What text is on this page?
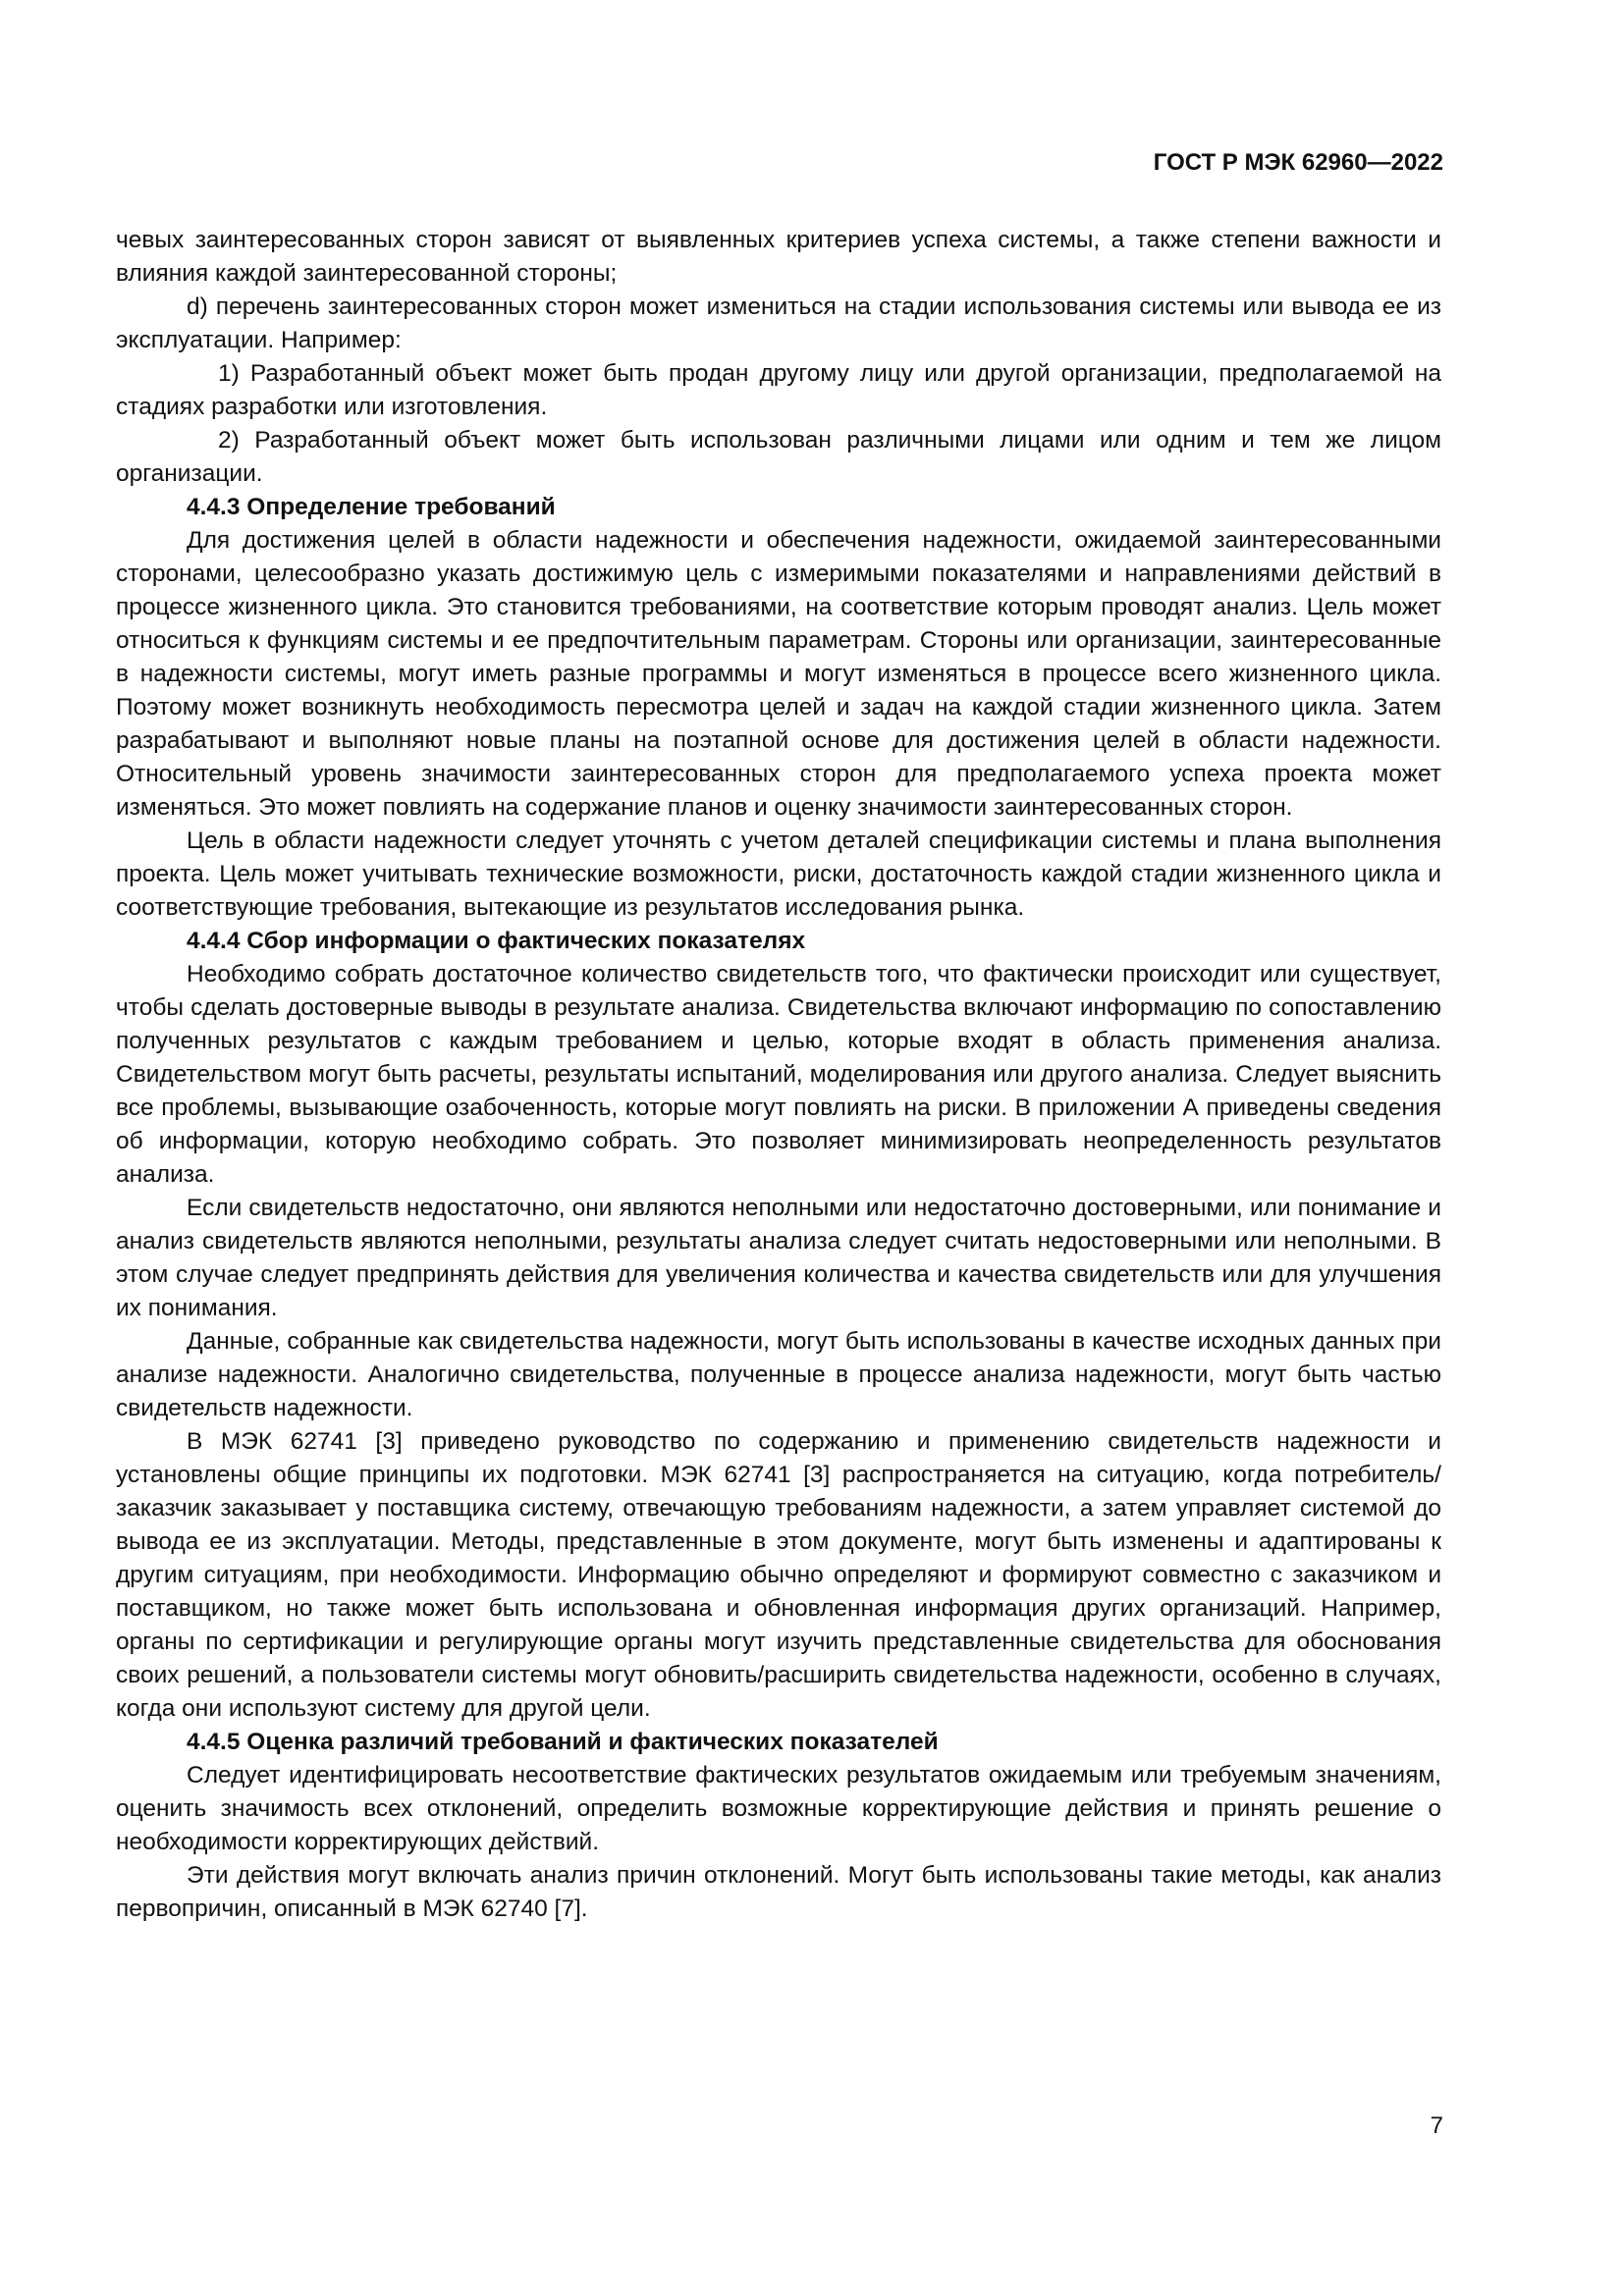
ГОСТ Р МЭК 62960—2022

чевых заинтересованных сторон зависят от выявленных критериев успеха системы, а также степени важности и влияния каждой заинтересованной стороны;

d) перечень заинтересованных сторон может измениться на стадии использования системы или вывода ее из эксплуатации. Например:

1) Разработанный объект может быть продан другому лицу или другой организации, предполагаемой на стадиях разработки или изготовления.

2) Разработанный объект может быть использован различными лицами или одним и тем же лицом организации.

4.4.3 Определение требований

Для достижения целей в области надежности и обеспечения надежности, ожидаемой заинтересованными сторонами, целесообразно указать достижимую цель с измеримыми показателями и направлениями действий в процессе жизненного цикла. Это становится требованиями, на соответствие которым проводят анализ. Цель может относиться к функциям системы и ее предпочтительным параметрам. Стороны или организации, заинтересованные в надежности системы, могут иметь разные программы и могут изменяться в процессе всего жизненного цикла. Поэтому может возникнуть необходимость пересмотра целей и задач на каждой стадии жизненного цикла. Затем разрабатывают и выполняют новые планы на поэтапной основе для достижения целей в области надежности. Относительный уровень значимости заинтересованных сторон для предполагаемого успеха проекта может изменяться. Это может повлиять на содержание планов и оценку значимости заинтересованных сторон.

Цель в области надежности следует уточнять с учетом деталей спецификации системы и плана выполнения проекта. Цель может учитывать технические возможности, риски, достаточность каждой стадии жизненного цикла и соответствующие требования, вытекающие из результатов исследования рынка.

4.4.4 Сбор информации о фактических показателях

Необходимо собрать достаточное количество свидетельств того, что фактически происходит или существует, чтобы сделать достоверные выводы в результате анализа. Свидетельства включают информацию по сопоставлению полученных результатов с каждым требованием и целью, которые входят в область применения анализа. Свидетельством могут быть расчеты, результаты испытаний, моделирования или другого анализа. Следует выяснить все проблемы, вызывающие озабоченность, которые могут повлиять на риски. В приложении А приведены сведения об информации, которую необходимо собрать. Это позволяет минимизировать неопределенность результатов анализа.

Если свидетельств недостаточно, они являются неполными или недостаточно достоверными, или понимание и анализ свидетельств являются неполными, результаты анализа следует считать недостоверными или неполными. В этом случае следует предпринять действия для увеличения количества и качества свидетельств или для улучшения их понимания.

Данные, собранные как свидетельства надежности, могут быть использованы в качестве исходных данных при анализе надежности. Аналогично свидетельства, полученные в процессе анализа надежности, могут быть частью свидетельств надежности.

В МЭК 62741 [3] приведено руководство по содержанию и применению свидетельств надежности и установлены общие принципы их подготовки. МЭК 62741 [3] распространяется на ситуацию, когда потребитель/заказчик заказывает у поставщика систему, отвечающую требованиям надежности, а затем управляет системой до вывода ее из эксплуатации. Методы, представленные в этом документе, могут быть изменены и адаптированы к другим ситуациям, при необходимости. Информацию обычно определяют и формируют совместно с заказчиком и поставщиком, но также может быть использована и обновленная информация других организаций. Например, органы по сертификации и регулирующие органы могут изучить представленные свидетельства для обоснования своих решений, а пользователи системы могут обновить/расширить свидетельства надежности, особенно в случаях, когда они используют систему для другой цели.

4.4.5 Оценка различий требований и фактических показателей

Следует идентифицировать несоответствие фактических результатов ожидаемым или требуемым значениям, оценить значимость всех отклонений, определить возможные корректирующие действия и принять решение о необходимости корректирующих действий.

Эти действия могут включать анализ причин отклонений. Могут быть использованы такие методы, как анализ первопричин, описанный в МЭК 62740 [7].

7
